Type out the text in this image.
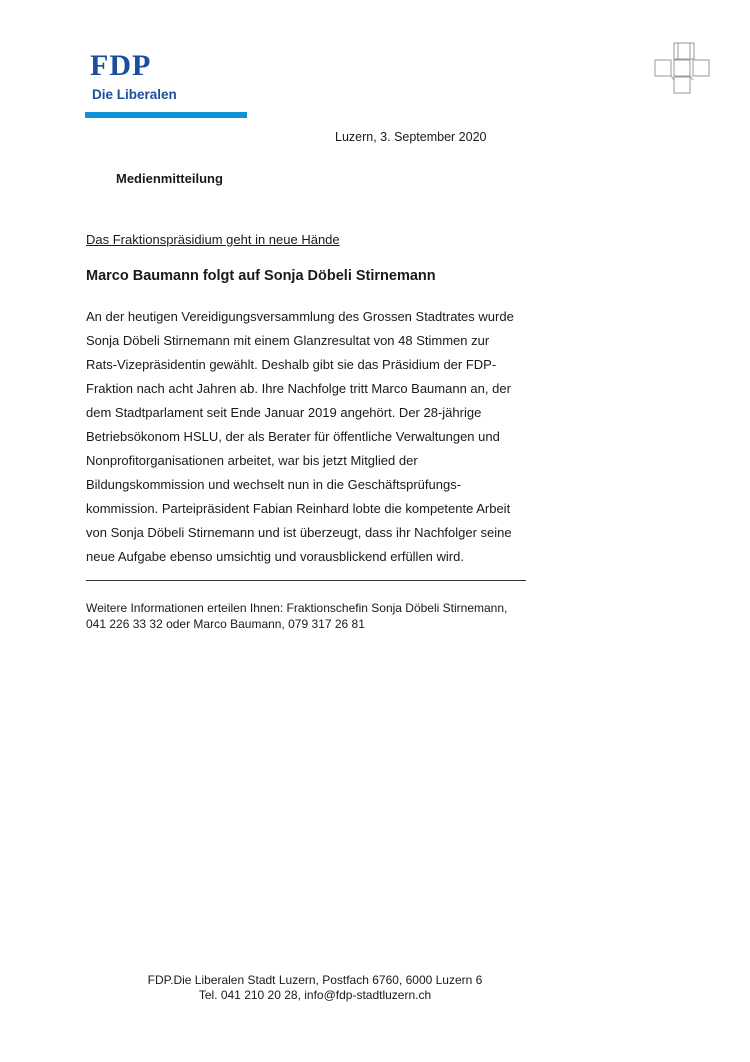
FDP
Die Liberalen
Luzern, 3. September 2020
Medienmitteilung
Das Fraktionspräsidium geht in neue Hände
Marco Baumann folgt auf Sonja Döbeli Stirnemann
An der heutigen Vereidigungsversammlung des Grossen Stadtrates wurde
Sonja Döbeli Stirnemann mit einem Glanzresultat von 48 Stimmen zur
Rats-Vizepräsidentin gewählt. Deshalb gibt sie das Präsidium der FDP-
Fraktion nach acht Jahren ab. Ihre Nachfolge tritt Marco Baumann an, der
dem Stadtparlament seit Ende Januar 2019 angehört. Der 28-jährige
Betriebsökonom HSLU, der als Berater für öffentliche Verwaltungen und
Nonprofitorganisationen arbeitet, war bis jetzt Mitglied der
Bildungskommission und wechselt nun in die Geschäftsprüfungs-
kommission. Parteipräsident Fabian Reinhard lobte die kompetente Arbeit
von Sonja Döbeli Stirnemann und ist überzeugt, dass ihr Nachfolger seine
neue Aufgabe ebenso umsichtig und vorausblickend erfüllen wird.
Weitere Informationen erteilen Ihnen: Fraktionschefin Sonja Döbeli Stirnemann,
041 226 33 32 oder Marco Baumann, 079 317 26 81
FDP.Die Liberalen Stadt Luzern, Postfach 6760, 6000 Luzern 6
Tel. 041 210 20 28, info@fdp-stadtluzern.ch
